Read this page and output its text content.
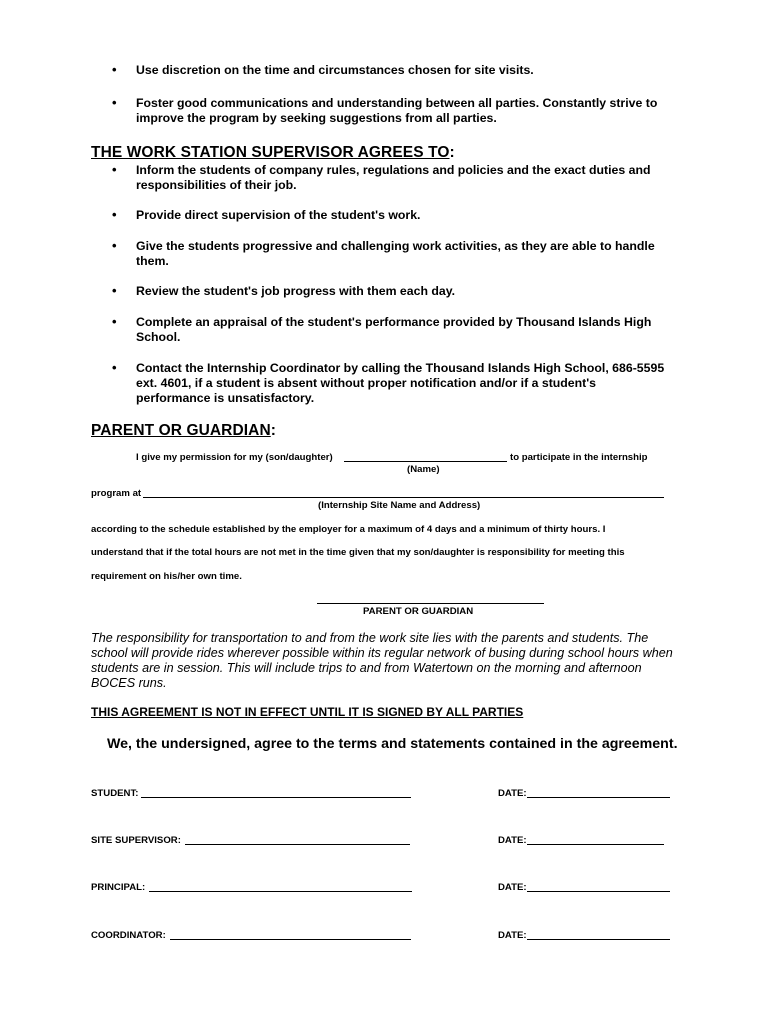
• Use discretion on the time and circumstances chosen for site visits.
• Foster good communications and understanding between all parties. Constantly strive to
improve the program by seeking suggestions from all parties.
THE WORK STATION SUPERVISOR AGREES TO:
• Inform the students of company rules, regulations and policies and the exact duties and
responsibilities of their job.
• Provide direct supervision of the student's work.
• Give the students progressive and challenging work activities, as they are able to handle
them.
• Review the student's job progress with them each day.
• Complete an appraisal of the student's performance provided by Thousand Islands High
School.
• Contact the Internship Coordinator by calling the Thousand Islands High School, 686-5595
ext. 4601, if a student is absent without proper notification and/or if a student's
performance is unsatisfactory.
PARENT OR GUARDIAN:
I give my permission for my (son/daughter)	to participate in the internship
(Name)
program at
(Internship Site Name and Address)
according to the schedule established by the employer for a maximum of 4 days and a minimum of thirty hours. I
understand that if the total hours are not met in the time given that my son/daughter is responsibility for meeting this
requirement on his/her own time.
PARENT OR GUARDIAN
The responsibility for transportation to and from the work site lies with the parents and students. The
school will provide rides wherever possible within its regular network of busing during school hours when
students are in session. This will include trips to and from Watertown on the morning and afternoon
BOCES runs.
THIS AGREEMENT IS NOT IN EFFECT UNTIL IT IS SIGNED BY ALL PARTIES
We, the undersigned, agree to the terms and statements contained in the agreement.
STUDENT:	DATE:
SITE SUPERVISOR:	DATE:
PRINCIPAL:	DATE:
COORDINATOR:	DATE:
